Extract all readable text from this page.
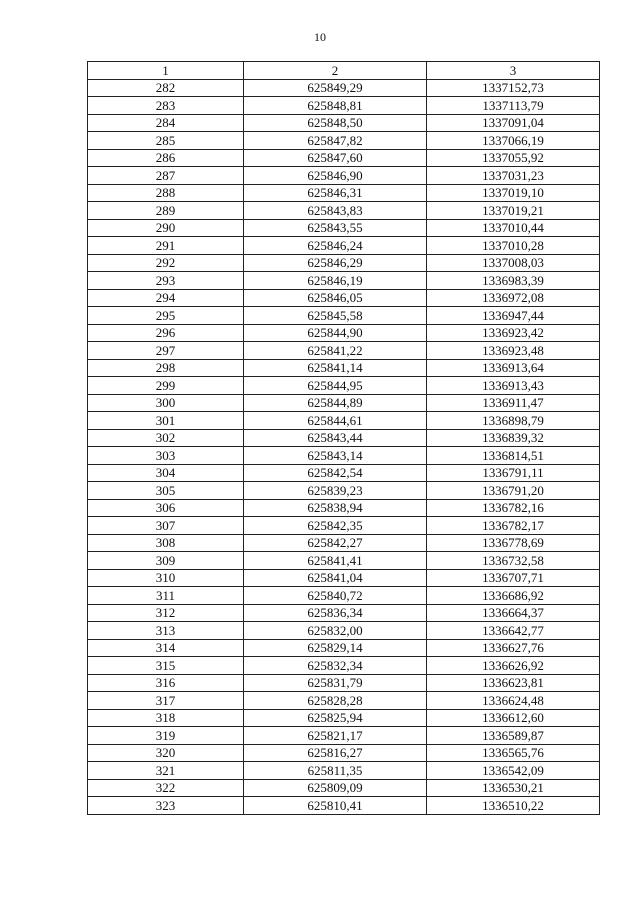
10
1	2	3
282	625849,29	1337152,73
283	625848,81	1337113,79
284	625848,50	1337091,04
285	625847,82	1337066,19
286	625847,60	1337055,92
287	625846,90	1337031,23
288	625846,31	1337019,10
289	625843,83	1337019,21
290	625843,55	1337010,44
291	625846,24	1337010,28
292	625846,29	1337008,03
293	625846,19	1336983,39
294	625846,05	1336972,08
295	625845,58	1336947,44
296	625844,90	1336923,42
297	625841,22	1336923,48
298	625841,14	1336913,64
299	625844,95	1336913,43
300	625844,89	1336911,47
301	625844,61	1336898,79
302	625843,44	1336839,32
303	625843,14	1336814,51
304	625842,54	1336791,11
305	625839,23	1336791,20
306	625838,94	1336782,16
307	625842,35	1336782,17
308	625842,27	1336778,69
309	625841,41	1336732,58
310	625841,04	1336707,71
311	625840,72	1336686,92
312	625836,34	1336664,37
313	625832,00	1336642,77
314	625829,14	1336627,76
315	625832,34	1336626,92
316	625831,79	1336623,81
317	625828,28	1336624,48
318	625825,94	1336612,60
319	625821,17	1336589,87
320	625816,27	1336565,76
321	625811,35	1336542,09
322	625809,09	1336530,21
323	625810,41	1336510,22
